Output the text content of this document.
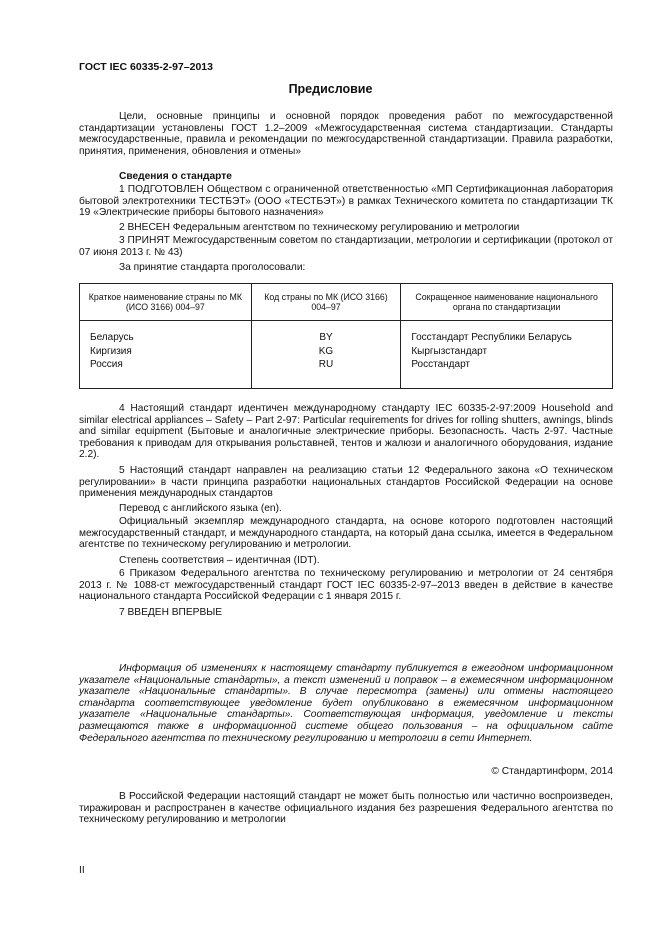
ГОСТ IEC 60335-2-97–2013
Предисловие

Цели, основные принципы и основной порядок проведения работ по межгосударственной стандартизации установлены ГОСТ 1.2–2009 «Межгосударственная система стандартизации. Стандарты межгосударственные, правила и рекомендации по межгосударственной стандартизации. Правила разработки, принятия, применения, обновления и отмены»

Сведения о стандарте

1 ПОДГОТОВЛЕН Обществом с ограниченной ответственностью «МП Сертификационная лаборатория бытовой электротехники ТЕСТБЭТ» (ООО «ТЕСТБЭТ») в рамках Технического комитета по стандартизации ТК 19 «Электрические приборы бытового назначения»

2 ВНЕСЕН Федеральным агентством по техническому регулированию и метрологии

3 ПРИНЯТ Межгосударственным советом по стандартизации, метрологии и сертификации (протокол от 07 июня 2013 г. № 43)

За принятие стандарта проголосовали:

Краткое наименование страны по МК (ИСО 3166) 004–97	Код страны по МК (ИСО 3166) 004–97	Сокращенное наименование национального органа по стандартизации
Беларусь	BY	Госстандарт Республики Беларусь
Киргизия	KG	Кыргызстандарт
Россия	RU	Росстандарт

4 Настоящий стандарт идентичен международному стандарту IEC 60335-2-97:2009 Household and similar electrical appliances – Safety – Part 2-97: Particular requirements for drives for rolling shutters, awnings, blinds and similar equipment (Бытовые и аналогичные электрические приборы. Безопасность. Часть 2-97. Частные требования к приводам для открывания рольставней, тентов и жалюзи и аналогичного оборудования, издание 2.2).

5 Настоящий стандарт направлен на реализацию статьи 12 Федерального закона «О техническом регулировании» в части принципа разработки национальных стандартов Российской Федерации на основе применения международных стандартов

Перевод с английского языка (en).

Официальный экземпляр международного стандарта, на основе которого подготовлен настоящий межгосударственный стандарт, и международного стандарта, на который дана ссылка, имеется в Федеральном агентстве по техническому регулированию и метрологии.

Степень соответствия – идентичная (IDT).

6 Приказом Федерального агентства по техническому регулированию и метрологии от 24 сентября 2013 г. № 1088-ст межгосударственный стандарт ГОСТ IEC 60335-2-97–2013 введен в действие в качестве национального стандарта Российской Федерации с 1 января 2015 г.

7 ВВЕДЕН ВПЕРВЫЕ

Информация об изменениях к настоящему стандарту публикуется в ежегодном информационном указателе «Национальные стандарты», а текст изменений и поправок – в ежемесячном информационном указателе «Национальные стандарты». В случае пересмотра (замены) или отмены настоящего стандарта соответствующее уведомление будет опубликовано в ежемесячном информационном указателе «Национальные стандарты». Соответствующая информация, уведомление и тексты размещаются также в информационной системе общего пользования – на официальном сайте Федерального агентства по техническому регулированию и метрологии в сети Интернет.

© Стандартинформ, 2014

В Российской Федерации настоящий стандарт не может быть полностью или частично воспроизведен, тиражирован и распространен в качестве официального издания без разрешения Федерального агентства по техническому регулированию и метрологии

II
